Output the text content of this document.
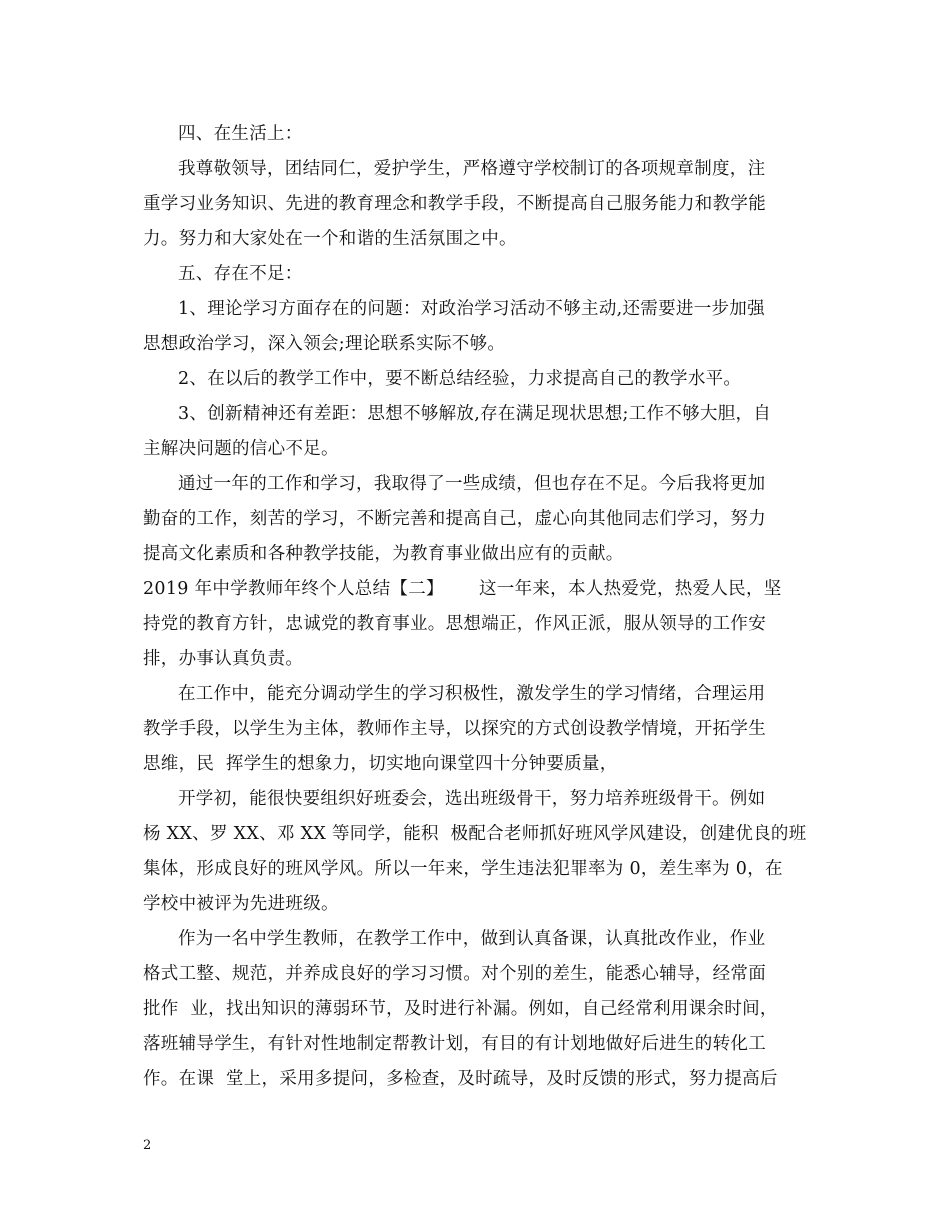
四、在生活上：
我尊敬领导，团结同仁，爱护学生，严格遵守学校制订的各项规章制度，注
重学习业务知识、先进的教育理念和教学手段，不断提高自己服务能力和教学能
力。努力和大家处在一个和谐的生活氛围之中。
五、存在不足：
1、理论学习方面存在的问题：对政治学习活动不够主动,还需要进一步加强
思想政治学习，深入领会;理论联系实际不够。
2、在以后的教学工作中，要不断总结经验，力求提高自己的教学水平。
3、创新精神还有差距：思想不够解放,存在满足现状思想;工作不够大胆，自
主解决问题的信心不足。
通过一年的工作和学习，我取得了一些成绩，但也存在不足。今后我将更加
勤奋的工作，刻苦的学习，不断完善和提高自己，虚心向其他同志们学习，努力
提高文化素质和各种教学技能，为教育事业做出应有的贡献。
2019 年中学教师年终个人总结【二】      这一年来，本人热爱党，热爱人民，坚
持党的教育方针，忠诚党的教育事业。思想端正，作风正派，服从领导的工作安
排，办事认真负责。
在工作中，能充分调动学生的学习积极性，激发学生的学习情绪，合理运用
教学手段，以学生为主体，教师作主导，以探究的方式创设教学情境，开拓学生
思维，民  挥学生的想象力，切实地向课堂四十分钟要质量，
开学初，能很快要组织好班委会，选出班级骨干，努力培养班级骨干。例如
杨 XX、罗 XX、邓 XX 等同学，能积  极配合老师抓好班风学风建设，创建优良的班
集体，形成良好的班风学风。所以一年来，学生违法犯罪率为 0，差生率为 0，在
学校中被评为先进班级。
作为一名中学生教师，在教学工作中，做到认真备课，认真批改作业，作业
格式工整、规范，并养成良好的学习习惯。对个别的差生，能悉心辅导，经常面
批作  业，找出知识的薄弱环节，及时进行补漏。例如，自己经常利用课余时间，
落班辅导学生，有针对性地制定帮教计划，有目的有计划地做好后进生的转化工
作。在课  堂上，采用多提问，多检查，及时疏导，及时反馈的形式，努力提高后
2
